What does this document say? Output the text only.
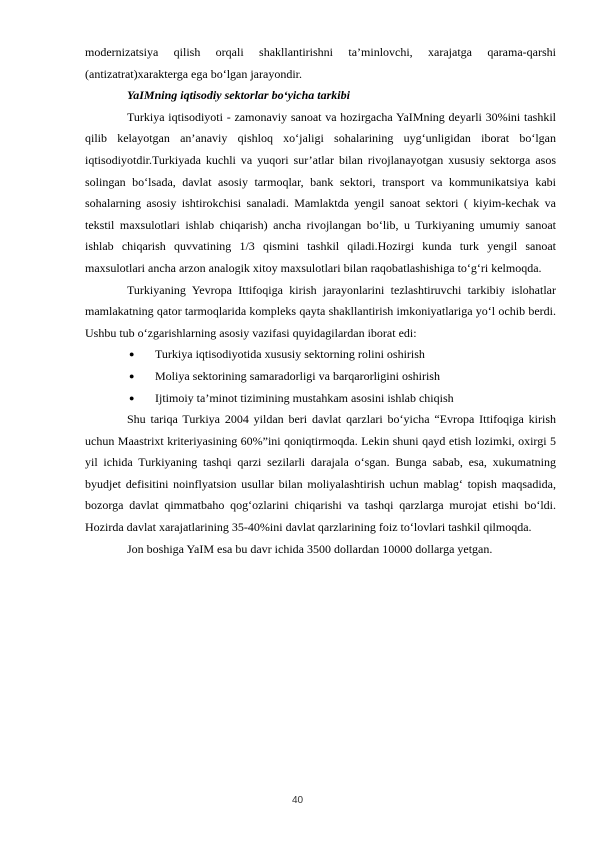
modernizatsiya qilish orqali shakllantirishni ta’minlovchi, xarajatga qarama-qarshi (antizatrat)xarakterga ega bo‘lgan jarayondir.

YaIMning iqtisodiy sektorlar bo‘yicha tarkibi

Turkiya iqtisodiyoti - zamonaviy sanoat va hozirgacha YaIMning deyarli 30%ini tashkil qilib kelayotgan an’anaviy qishloq xo‘jaligi sohalarining uyg‘unligidan iborat bo‘lgan iqtisodiyotdir.Turkiyada kuchli va yuqori sur’atlar bilan rivojlanayotgan xususiy sektorga asos solingan bo‘lsada, davlat asosiy tarmoqlar, bank sektori, transport va kommunikatsiya kabi sohalarning asosiy ishtirokchisi sanaladi. Mamlaktda yengil sanoat sektori ( kiyim-kechak va tekstil maxsulotlari ishlab chiqarish) ancha rivojlangan bo‘lib, u Turkiyaning umumiy sanoat ishlab chiqarish quvvatining 1/3 qismini tashkil qiladi.Hozirgi kunda turk yengil sanoat maxsulotlari ancha arzon analogik xitoy maxsulotlari bilan raqobatlashishiga to‘g‘ri kelmoqda.

Turkiyaning Yevropa Ittifoqiga kirish jarayonlarini tezlashtiruvchi tarkibiy islohatlar mamlakatning qator tarmoqlarida kompleks qayta shakllantirish imkoniyatlariga yo‘l ochib berdi. Ushbu tub o‘zgarishlarning asosiy vazifasi quyidagilardan iborat edi:

● Turkiya iqtisodiyotida xususiy sektorning rolini oshirish
● Moliya sektorining samaradorligi va barqarorligini oshirish
● Ijtimoiy ta’minot tizimining mustahkam asosini ishlab chiqish

Shu tariqa Turkiya 2004 yildan beri davlat qarzlari bo‘yicha “Evropa Ittifoqiga kirish uchun Maastrixt kriteriyasining 60%”ini qoniqtirmoqda. Lekin shuni qayd etish lozimki, oxirgi 5 yil ichida Turkiyaning tashqi qarzi sezilarli darajala o‘sgan. Bunga sabab, esa, xukumatning byudjet defisitini noinflyatsion usullar bilan moliyalashtirish uchun mablag‘ topish maqsadida, bozorga davlat qimmatbaho qog‘ozlarini chiqarishi va tashqi qarzlarga murojat etishi bo‘ldi. Hozirda davlat xarajatlarining 35-40%ini davlat qarzlarining foiz to‘lovlari tashkil qilmoqda.

Jon boshiga YaIM esa bu davr ichida 3500 dollardan 10000 dollarga yetgan.

40
